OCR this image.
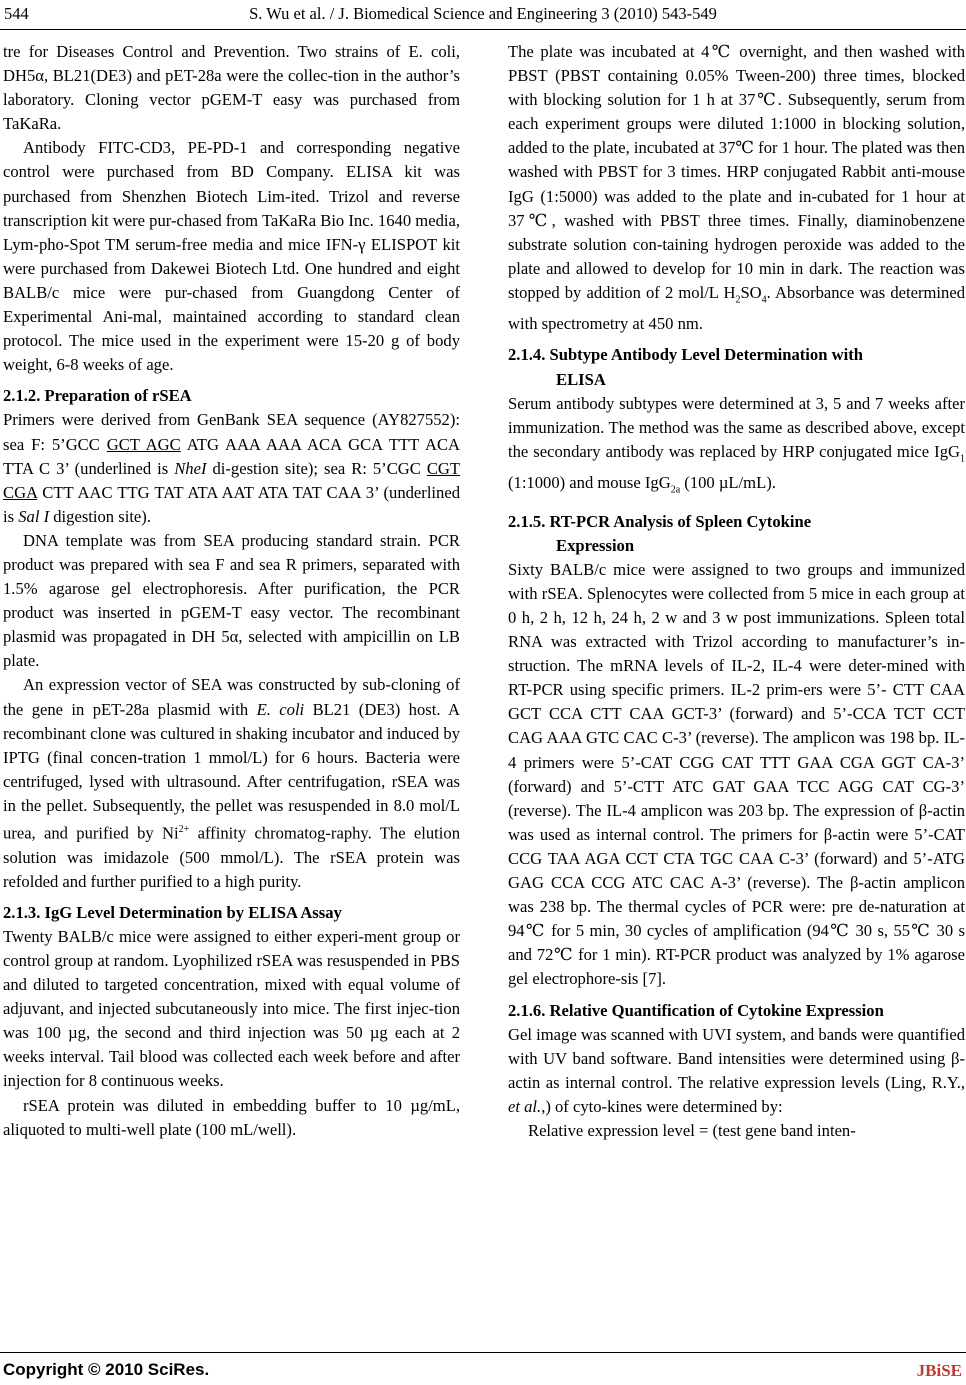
544	S. Wu et al. / J. Biomedical Science and Engineering 3 (2010) 543-549

tre for Diseases Control and Prevention. Two strains of E. coli, DH5α, BL21(DE3) and pET-28a were the collec-tion in the author’s laboratory. Cloning vector pGEM-T easy was purchased from TaKaRa.

Antibody FITC-CD3, PE-PD-1 and corresponding negative control were purchased from BD Company. ELISA kit was purchased from Shenzhen Biotech Lim-ited. Trizol and reverse transcription kit were pur-chased from TaKaRa Bio Inc. 1640 media, Lym-pho-Spot TM serum-free media and mice IFN-γ ELISPOT kit were purchased from Dakewei Biotech Ltd. One hundred and eight BALB/c mice were pur-chased from Guangdong Center of Experimental Ani-mal, maintained according to standard clean protocol. The mice used in the experiment were 15-20 g of body weight, 6-8 weeks of age.

2.1.2. Preparation of rSEA

Primers were derived from GenBank SEA sequence (AY827552): sea F: 5’GCC GCT AGC ATG AAA AAA ACA GCA TTT ACA TTA C 3’ (underlined is NheI di-gestion site); sea R: 5’CGC CGT CGA CTT AAC TTG TAT ATA AAT ATA TAT CAA 3’ (underlined is Sal I digestion site).

DNA template was from SEA producing standard strain. PCR product was prepared with sea F and sea R primers, separated with 1.5% agarose gel electrophoresis. After purification, the PCR product was inserted in pGEM-T easy vector. The recombinant plasmid was propagated in DH 5α, selected with ampicillin on LB plate.

An expression vector of SEA was constructed by sub-cloning of the gene in pET-28a plasmid with E. coli BL21 (DE3) host. A recombinant clone was cultured in shaking incubator and induced by IPTG (final concen-tration 1 mmol/L) for 6 hours. Bacteria were centrifuged, lysed with ultrasound. After centrifugation, rSEA was in the pellet. Subsequently, the pellet was resuspended in 8.0 mol/L urea, and purified by $Ni^{2+}$ affinity chromatog-raphy. The elution solution was imidazole (500 mmol/L). The rSEA protein was refolded and further purified to a high purity.

2.1.3. IgG Level Determination by ELISA Assay

Twenty BALB/c mice were assigned to either experi-ment group or control group at random. Lyophilized rSEA was resuspended in PBS and diluted to targeted concentration, mixed with equal volume of adjuvant, and injected subcutaneously into mice. The first injec-tion was 100 µg, the second and third injection was 50 µg each at 2 weeks interval. Tail blood was collected each week before and after injection for 8 continuous weeks.

rSEA protein was diluted in embedding buffer to 10 µg/mL, aliquoted to multi-well plate (100 mL/well).

The plate was incubated at 4℃ overnight, and then washed with PBST (PBST containing 0.05% Tween-200) three times, blocked with blocking solution for 1 h at 37℃. Subsequently, serum from each experiment groups were diluted 1:1000 in blocking solution, added to the plate, incubated at 37℃ for 1 hour. The plated was then washed with PBST for 3 times. HRP conjugated Rabbit anti-mouse IgG (1:5000) was added to the plate and in-cubated for 1 hour at 37℃, washed with PBST three times. Finally, diaminobenzene substrate solution con-taining hydrogen peroxide was added to the plate and allowed to develop for 10 min in dark. The reaction was stopped by addition of 2 mol/L $H_2SO_4$. Absorbance was determined with spectrometry at 450 nm.

2.1.4. Subtype Antibody Level Determination with
ELISA

Serum antibody subtypes were determined at 3, 5 and 7 weeks after immunization. The method was the same as described above, except the secondary antibody was replaced by HRP conjugated mice IgG$_1$ (1:1000) and mouse IgG$_{2a}$ (100 µL/mL).

2.1.5. RT-PCR Analysis of Spleen Cytokine
Expression

Sixty BALB/c mice were assigned to two groups and immunized with rSEA. Splenocytes were collected from 5 mice in each group at 0 h, 2 h, 12 h, 24 h, 2 w and 3 w post immunizations. Spleen total RNA was extracted with Trizol according to manufacturer’s in-struction. The mRNA levels of IL-2, IL-4 were deter-mined with RT-PCR using specific primers. IL-2 prim-ers were 5’- CTT CAA GCT CCA CTT CAA GCT-3’ (forward) and 5’-CCA TCT CCT CAG AAA GTC CAC C-3’ (reverse). The amplicon was 198 bp. IL-4 primers were 5’-CAT CGG CAT TTT GAA CGA GGT CA-3’ (forward) and 5’-CTT ATC GAT GAA TCC AGG CAT CG-3’ (reverse). The IL-4 amplicon was 203 bp. The expression of β-actin was used as internal control. The primers for β-actin were 5’-CAT CCG TAA AGA CCT CTA TGC CAA C-3’ (forward) and 5’-ATG GAG CCA CCG ATC CAC A-3’ (reverse). The β-actin amplicon was 238 bp. The thermal cycles of PCR were: pre de-naturation at 94℃ for 5 min, 30 cycles of amplification (94℃ 30 s, 55℃ 30 s and 72℃ for 1 min). RT-PCR product was analyzed by 1% agarose gel electrophore-sis [7].

2.1.6. Relative Quantification of Cytokine Expression

Gel image was scanned with UVI system, and bands were quantified with UV band software. Band intensities were determined using β-actin as internal control. The relative expression levels (Ling, R.Y., et al.,) of cyto-kines were determined by:

Relative expression level = (test gene band inten-

Copyright © 2010 SciRes.	JBiSE
